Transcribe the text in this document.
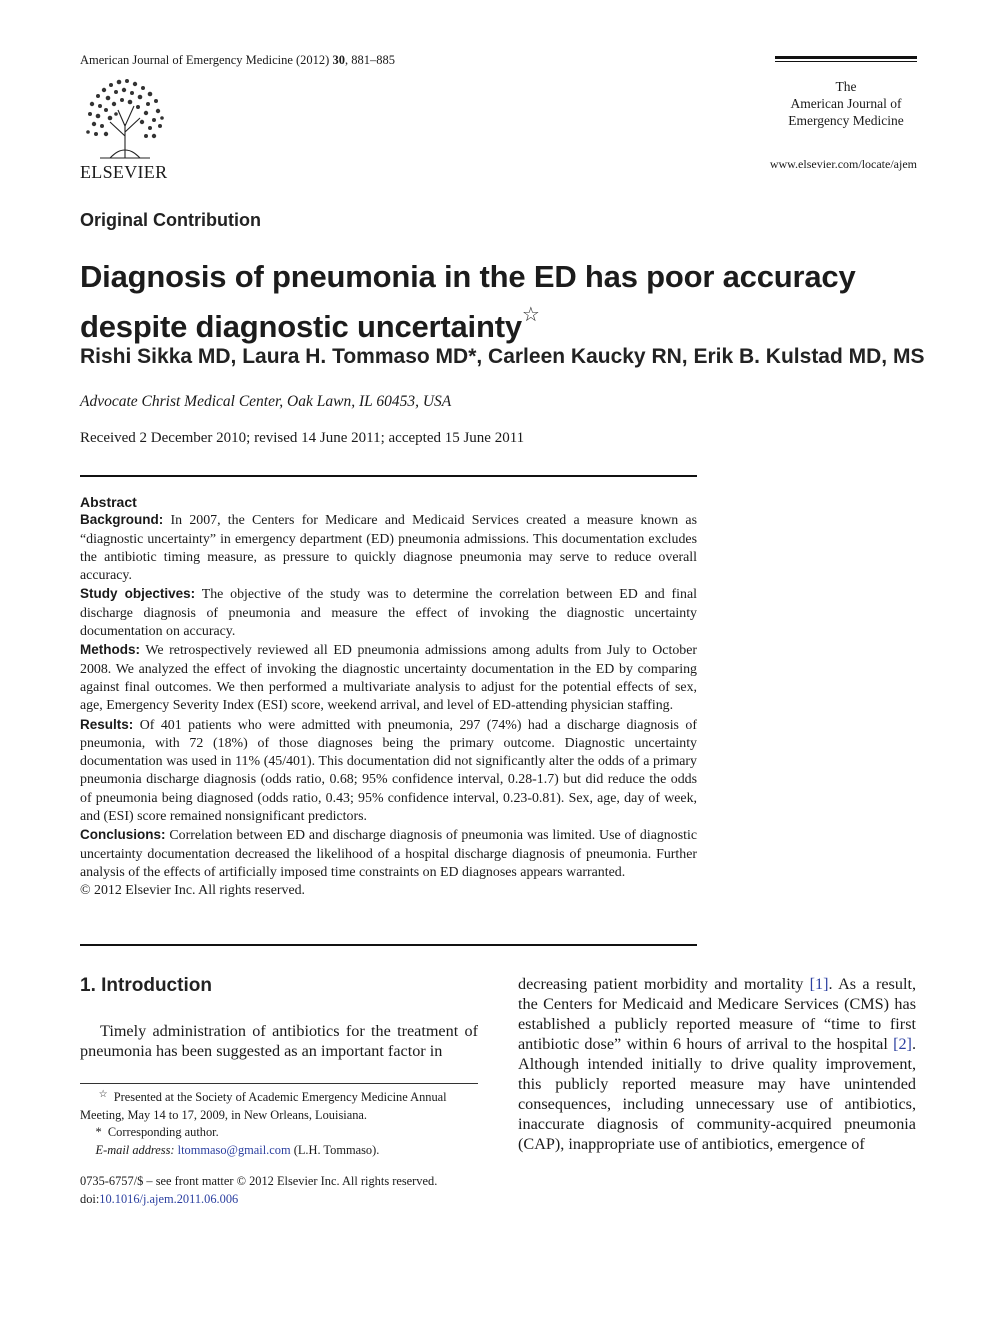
American Journal of Emergency Medicine (2012) 30, 881–885
ELSEVIER
The
American Journal of
Emergency Medicine
www.elsevier.com/locate/ajem
Original Contribution
Diagnosis of pneumonia in the ED has poor accuracy despite diagnostic uncertainty☆
Rishi Sikka MD, Laura H. Tommaso MD*, Carleen Kaucky RN, Erik B. Kulstad MD, MS
Advocate Christ Medical Center, Oak Lawn, IL 60453, USA
Received 2 December 2010; revised 14 June 2011; accepted 15 June 2011
Abstract

Background: In 2007, the Centers for Medicare and Medicaid Services created a measure known as “diagnostic uncertainty” in emergency department (ED) pneumonia admissions. This documentation excludes the antibiotic timing measure, as pressure to quickly diagnose pneumonia may serve to reduce overall accuracy.

Study objectives: The objective of the study was to determine the correlation between ED and final discharge diagnosis of pneumonia and measure the effect of invoking the diagnostic uncertainty documentation on accuracy.

Methods: We retrospectively reviewed all ED pneumonia admissions among adults from July to October 2008. We analyzed the effect of invoking the diagnostic uncertainty documentation in the ED by comparing against final outcomes. We then performed a multivariate analysis to adjust for the potential effects of sex, age, Emergency Severity Index (ESI) score, weekend arrival, and level of ED-attending physician staffing.

Results: Of 401 patients who were admitted with pneumonia, 297 (74%) had a discharge diagnosis of pneumonia, with 72 (18%) of those diagnoses being the primary outcome. Diagnostic uncertainty documentation was used in 11% (45/401). This documentation did not significantly alter the odds of a primary pneumonia discharge diagnosis (odds ratio, 0.68; 95% confidence interval, 0.28-1.7) but did reduce the odds of pneumonia being diagnosed (odds ratio, 0.43; 95% confidence interval, 0.23-0.81). Sex, age, day of week, and (ESI) score remained nonsignificant predictors.

Conclusions: Correlation between ED and discharge diagnosis of pneumonia was limited. Use of diagnostic uncertainty documentation decreased the likelihood of a hospital discharge diagnosis of pneumonia. Further analysis of the effects of artificially imposed time constraints on ED diagnoses appears warranted.

© 2012 Elsevier Inc. All rights reserved.

1. Introduction

Timely administration of antibiotics for the treatment of pneumonia has been suggested as an important factor in

decreasing patient morbidity and mortality [1]. As a result, the Centers for Medicaid and Medicare Services (CMS) has established a publicly reported measure of “time to first antibiotic dose” within 6 hours of arrival to the hospital [2]. Although intended initially to drive quality improvement, this publicly reported measure may have unintended consequences, including unnecessary use of antibiotics, inaccurate diagnosis of community-acquired pneumonia (CAP), inappropriate use of antibiotics, emergence of

☆ Presented at the Society of Academic Emergency Medicine Annual Meeting, May 14 to 17, 2009, in New Orleans, Louisiana.

* Corresponding author.

E-mail address: ltommaso@gmail.com (L.H. Tommaso).

0735-6757/$ – see front matter © 2012 Elsevier Inc. All rights reserved.

doi:10.1016/j.ajem.2011.06.006
